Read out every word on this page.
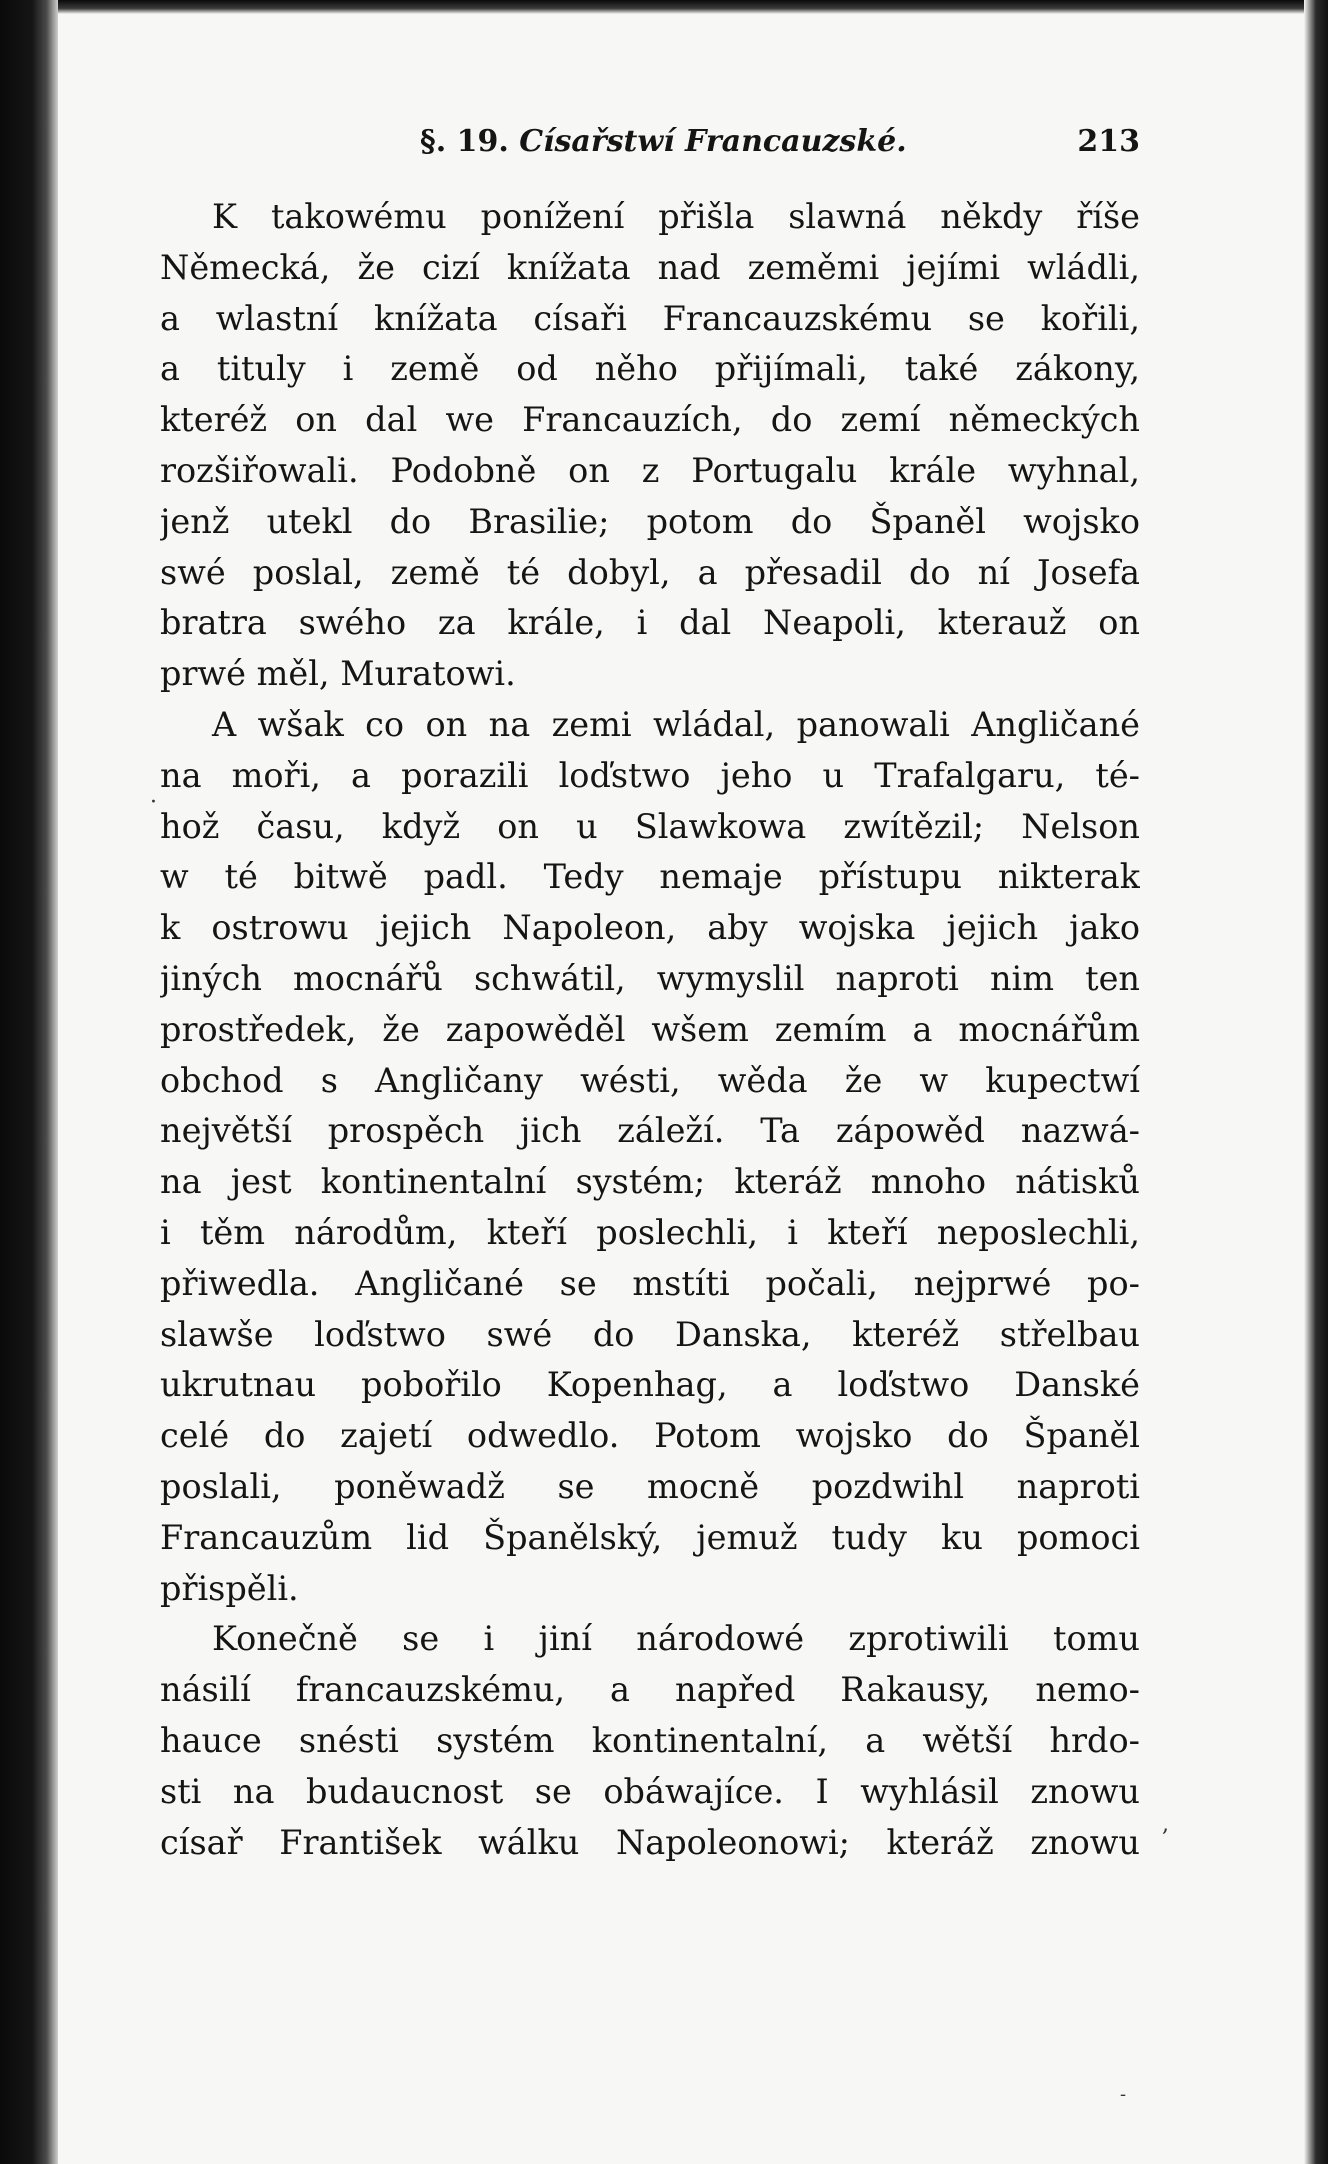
§. 19. Císařstwí Francauzské.	213
K takowému ponížení přišla slawná někdy říše
Německá, že cizí knížata nad zeměmi jejími wládli,
a wlastní knížata císaři Francauzskému se kořili,
a tituly i země od něho přijímali, také zákony,
kteréž on dal we Francauzích, do zemí německých
rozšiřowali. Podobně on z Portugalu krále wyhnal,
jenž utekl do Brasilie; potom do Španěl wojsko
swé poslal, země té dobyl, a přesadil do ní Josefa
bratra swého za krále, i dal Neapoli, kterauž on
prwé měl, Muratowi.
A wšak co on na zemi wládal, panowali Angličané
na moři, a porazili loďstwo jeho u Trafalgaru, té-
hož času, když on u Slawkowa zwítězil; Nelson
w té bitwě padl. Tedy nemaje přístupu nikterak
k ostrowu jejich Napoleon, aby wojska jejich jako
jiných mocnářů schwátil, wymyslil naproti nim ten
prostředek, že zapowěděl wšem zemím a mocnářům
obchod s Angličany wésti, wěda že w kupectwí
největší prospěch jich záleží. Ta zápowěd nazwá-
na jest kontinentalní systém; kteráž mnoho nátisků
i těm národům, kteří poslechli, i kteří neposlechli,
přiwedla. Angličané se mstíti počali, nejprwé po-
slawše loďstwo swé do Danska, kteréž střelbau
ukrutnau pobořilo Kopenhag, a loďstwo Danské
celé do zajetí odwedlo. Potom wojsko do Španěl
poslali, poněwadž se mocně pozdwihl naproti
Francauzům lid Španělský, jemuž tudy ku pomoci
přispěli.
Konečně se i jiní národowé zprotiwili tomu
násilí francauzskému, a napřed Rakausy, nemo-
hauce snésti systém kontinentalní, a wětší hrdo-
sti na budaucnost se obáwajíce. I wyhlásil znowu
císař František wálku Napoleonowi; kteráž znowu
·
,
-
